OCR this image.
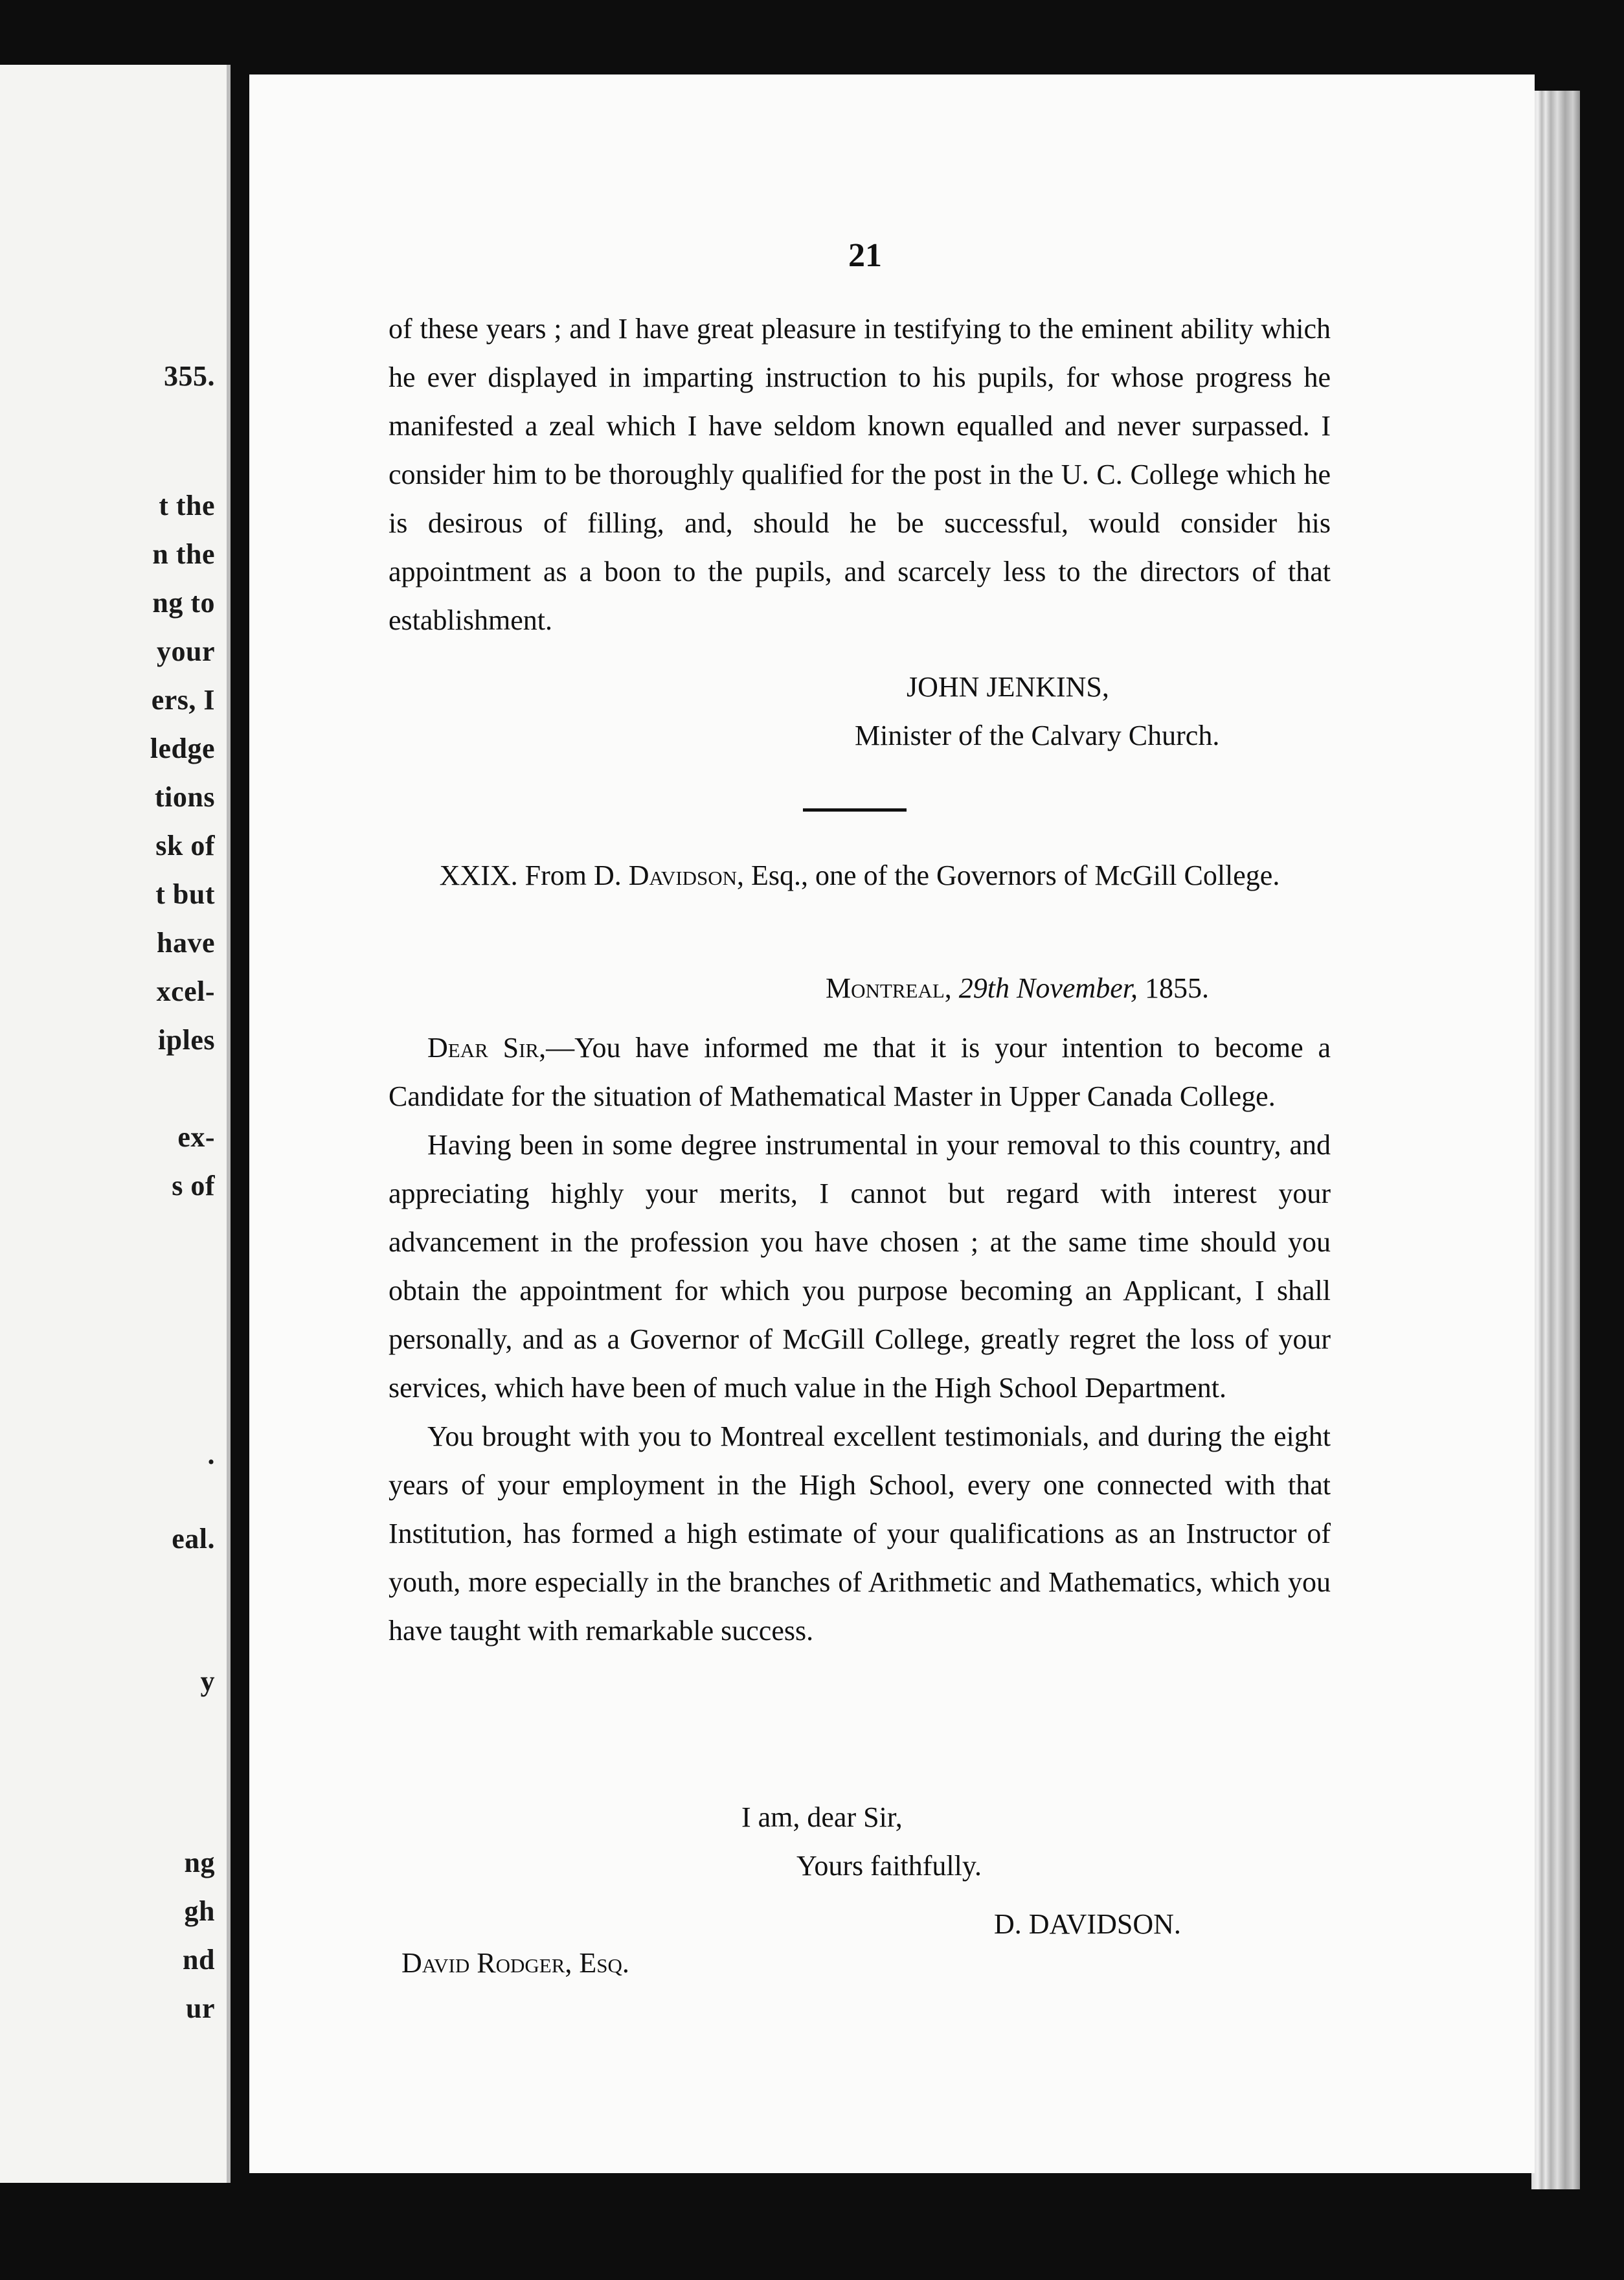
355.
t the
n the
ng to
your
ers, I
ledge
tions
sk of
t but
have
xcel-
iples
ex-
s of
.
eal.
y
ng
gh
nd
ur
21

of these years ; and I have great pleasure in testifying to the eminent ability which he ever displayed in imparting instruction to his pupils, for whose progress he manifested a zeal which I have seldom known equalled and never surpassed. I consider him to be thoroughly qualified for the post in the U. C. College which he is desirous of filling, and, should he be successful, would consider his appointment as a boon to the pupils, and scarcely less to the directors of that establishment.

JOHN JENKINS,
Minister of the Calvary Church.
XXIX. From D. Davidson, Esq., one of the Governors of McGill College.
Montreal, 29th November, 1855.

Dear Sir,—You have informed me that it is your intention to become a Candidate for the situation of Mathematical Master in Upper Canada College.

Having been in some degree instrumental in your removal to this country, and appreciating highly your merits, I cannot but regard with interest your advancement in the profession you have chosen ; at the same time should you obtain the appointment for which you purpose becoming an Applicant, I shall personally, and as a Governor of McGill College, greatly regret the loss of your services, which have been of much value in the High School Department.

You brought with you to Montreal excellent testimonials, and during the eight years of your employment in the High School, every one connected with that Institution, has formed a high estimate of your qualifications as an Instructor of youth, more especially in the branches of Arithmetic and Mathematics, which you have taught with remarkable success.

I am, dear Sir,
Yours faithfully.
D. DAVIDSON.
David Rodger, Esq.
